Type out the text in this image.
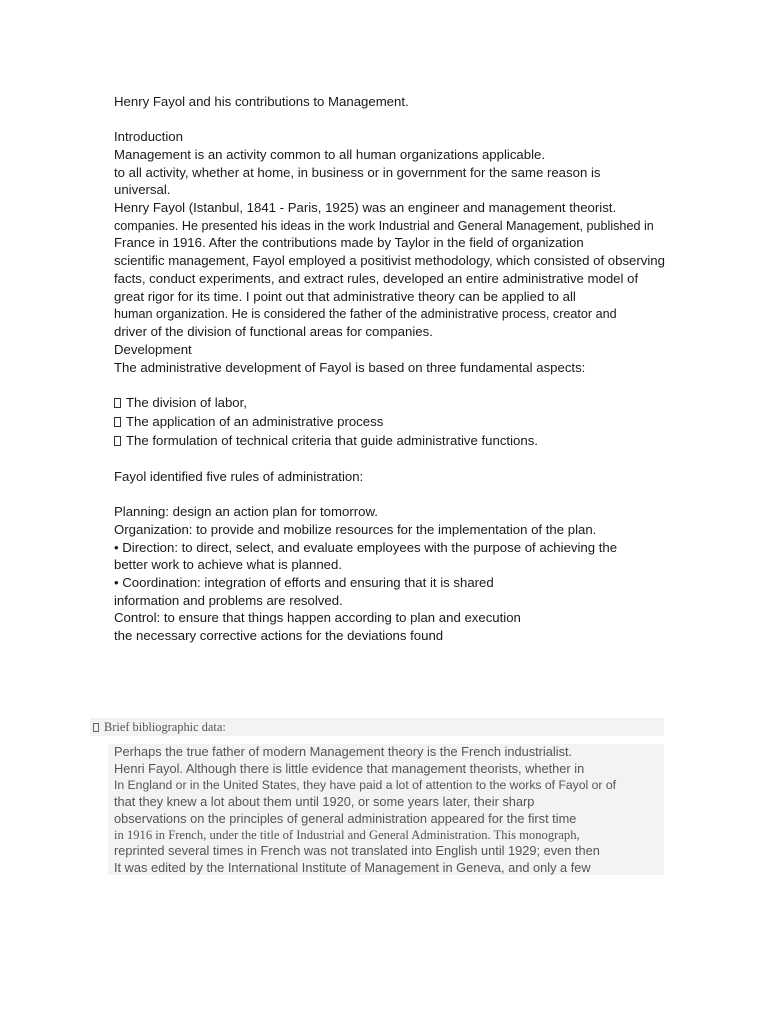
Henry Fayol and his contributions to Management.
Introduction
Management is an activity common to all human organizations applicable.
to all activity, whether at home, in business or in government for the same reason is
universal.
Henry Fayol (Istanbul, 1841 - Paris, 1925) was an engineer and management theorist.
companies. He presented his ideas in the work Industrial and General Management, published in
France in 1916. After the contributions made by Taylor in the field of organization
scientific management, Fayol employed a positivist methodology, which consisted of observing
facts, conduct experiments, and extract rules, developed an entire administrative model of
great rigor for its time. I point out that administrative theory can be applied to all
human organization. He is considered the father of the administrative process, creator and
driver of the division of functional areas for companies.
Development
The administrative development of Fayol is based on three fundamental aspects:
The division of labor,
The application of an administrative process
The formulation of technical criteria that guide administrative functions.
Fayol identified five rules of administration:
Planning: design an action plan for tomorrow.
Organization: to provide and mobilize resources for the implementation of the plan.
• Direction: to direct, select, and evaluate employees with the purpose of achieving the
better work to achieve what is planned.
• Coordination: integration of efforts and ensuring that it is shared
information and problems are resolved.
Control: to ensure that things happen according to plan and execution
the necessary corrective actions for the deviations found
Brief bibliographic data:
Perhaps the true father of modern Management theory is the French industrialist.
Henri Fayol. Although there is little evidence that management theorists, whether in
In England or in the United States, they have paid a lot of attention to the works of Fayol or of
that they knew a lot about them until 1920, or some years later, their sharp
observations on the principles of general administration appeared for the first time
in 1916 in French, under the title of Industrial and General Administration. This monograph,
reprinted several times in French was not translated into English until 1929; even then
It was edited by the International Institute of Management in Geneva, and only a few
